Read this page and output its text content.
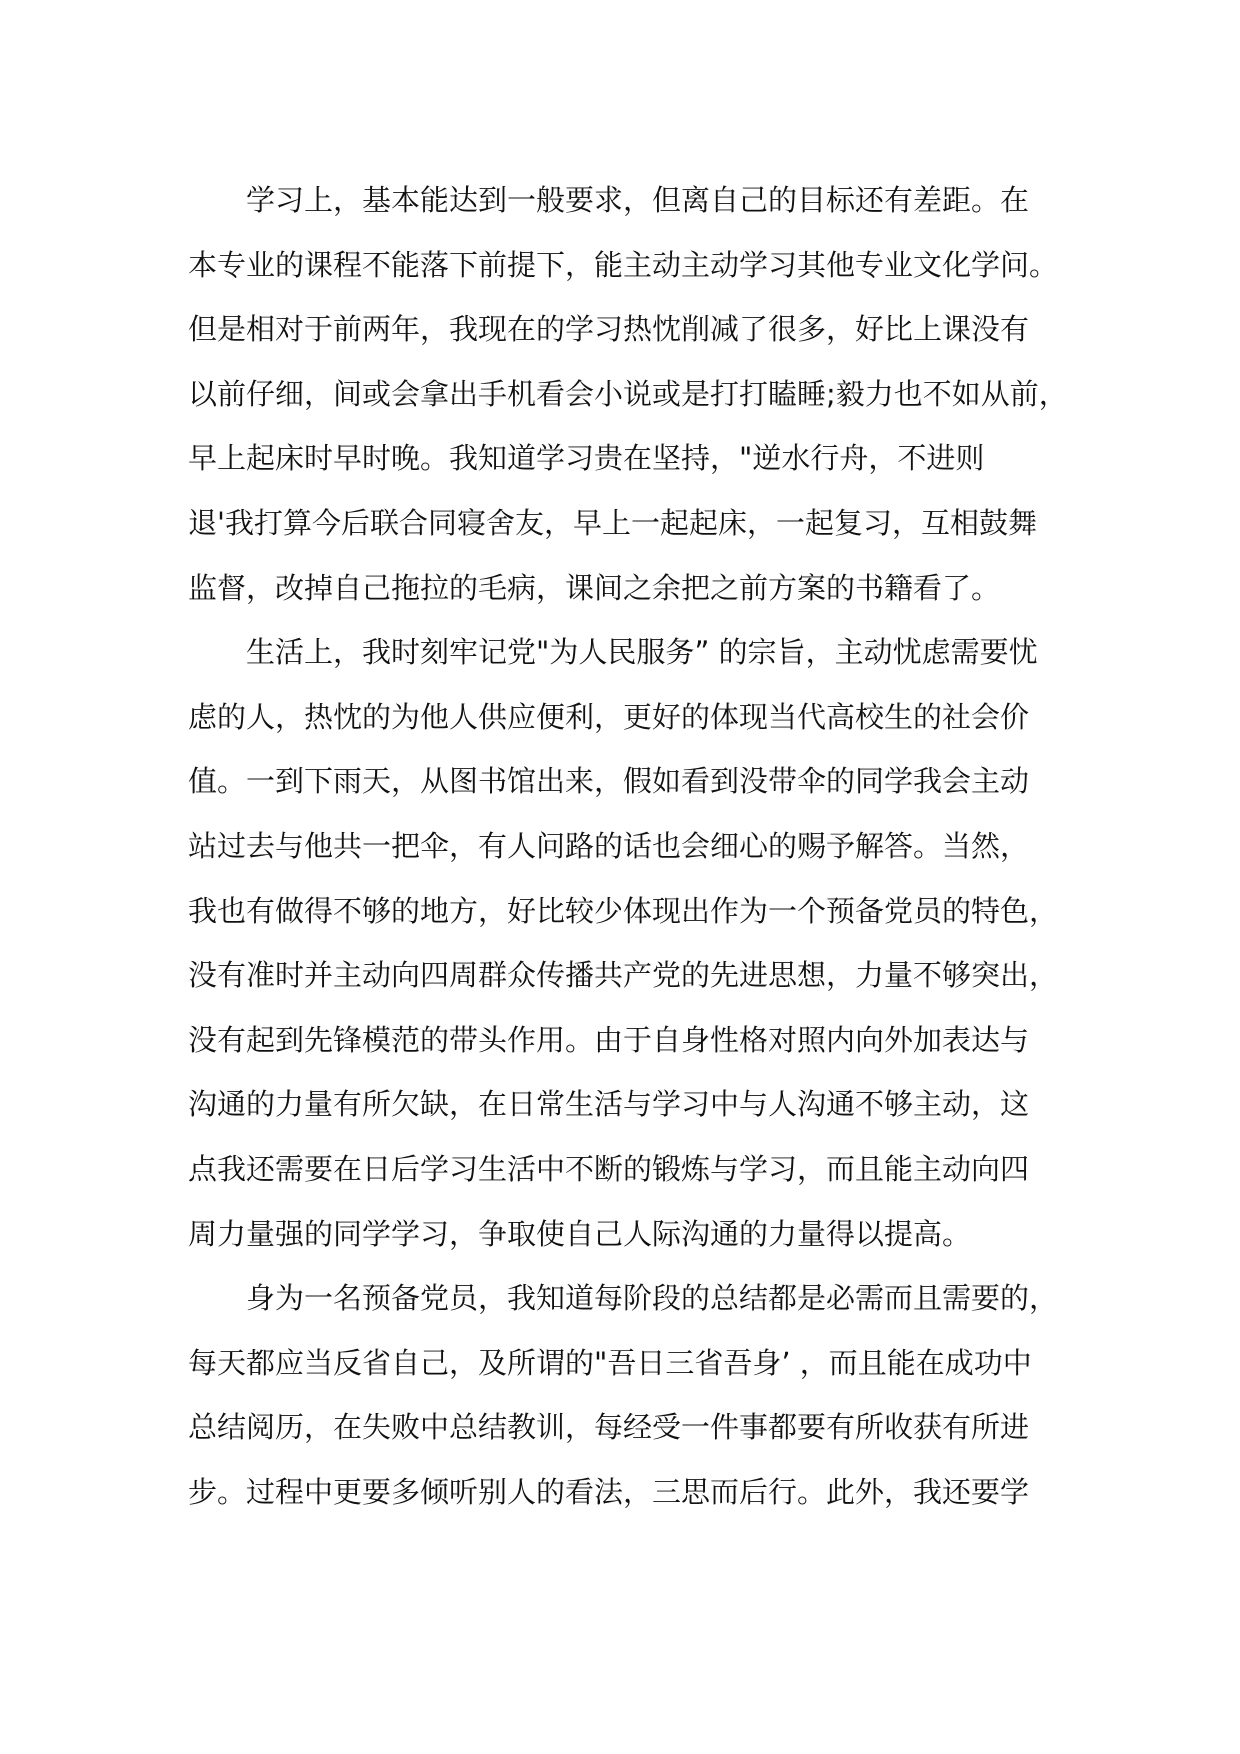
学习上，基本能达到一般要求，但离自己的目标还有差距。在
本专业的课程不能落下前提下，能主动主动学习其他专业文化学问。
但是相对于前两年，我现在的学习热忱削减了很多，好比上课没有
以前仔细，间或会拿出手机看会小说或是打打瞌睡;毅力也不如从前，
早上起床时早时晚。我知道学习贵在坚持，"逆水行舟，不进则
退'我打算今后联合同寝舍友，早上一起起床，一起复习，互相鼓舞
监督，改掉自己拖拉的毛病，课间之余把之前方案的书籍看了。
生活上，我时刻牢记党"为人民服务” 的宗旨，主动忧虑需要忧
虑的人，热忱的为他人供应便利，更好的体现当代高校生的社会价
值。一到下雨天，从图书馆出来，假如看到没带伞的同学我会主动
站过去与他共一把伞，有人问路的话也会细心的赐予解答。当然，
我也有做得不够的地方，好比较少体现出作为一个预备党员的特色，
没有准时并主动向四周群众传播共产党的先进思想，力量不够突出，
没有起到先锋模范的带头作用。由于自身性格对照内向外加表达与
沟通的力量有所欠缺，在日常生活与学习中与人沟通不够主动，这
点我还需要在日后学习生活中不断的锻炼与学习，而且能主动向四
周力量强的同学学习，争取使自己人际沟通的力量得以提高。
身为一名预备党员，我知道每阶段的总结都是必需而且需要的，
每天都应当反省自己，及所谓的"吾日三省吾身’ ，而且能在成功中
总结阅历，在失败中总结教训，每经受一件事都要有所收获有所进
步。过程中更要多倾听别人的看法，三思而后行。此外，我还要学
